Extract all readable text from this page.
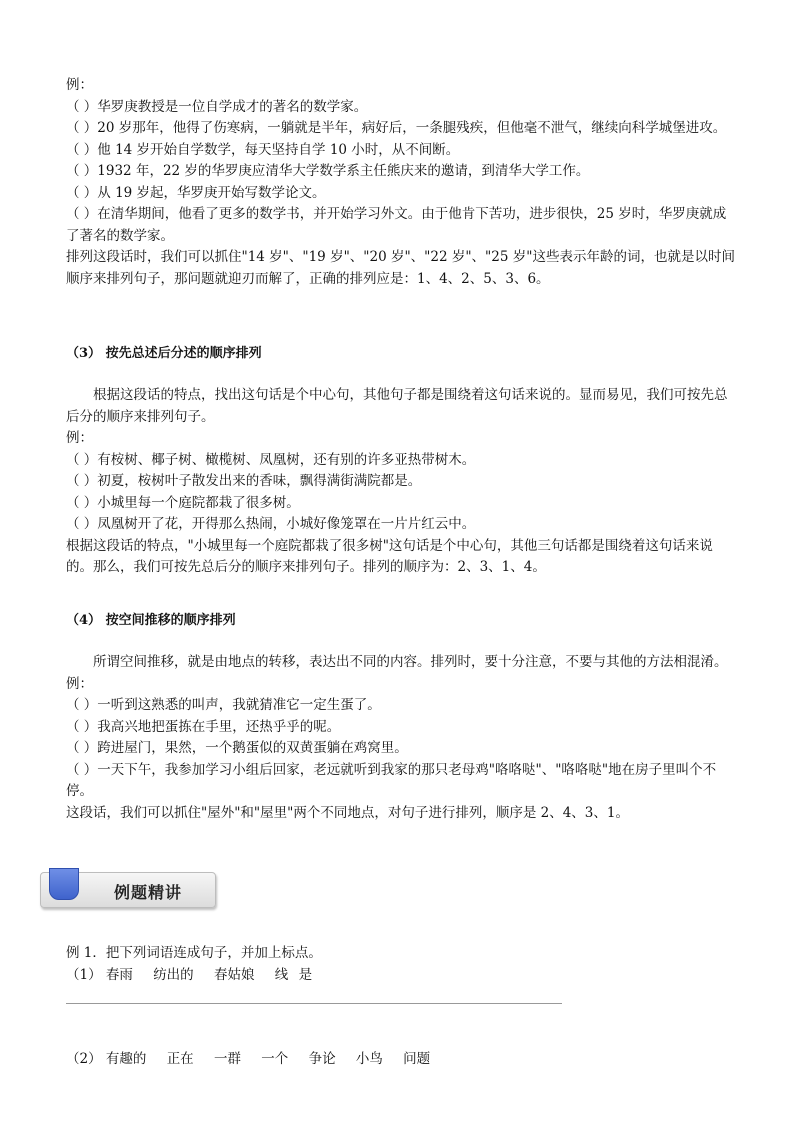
例：
（ ）华罗庚教授是一位自学成才的著名的数学家。
（ ）20 岁那年，他得了伤寒病，一躺就是半年，病好后，一条腿残疾，但他毫不泄气，继续向科学城堡进攻。
（ ）他 14 岁开始自学数学，每天坚持自学 10 小时，从不间断。
（ ）1932 年，22 岁的华罗庚应清华大学数学系主任熊庆来的邀请，到清华大学工作。
（ ）从 19 岁起，华罗庚开始写数学论文。
（ ）在清华期间，他看了更多的数学书，并开始学习外文。由于他肯下苦功，进步很快，25 岁时，华罗庚就成了著名的数学家。
排列这段话时，我们可以抓住"14 岁"、"19 岁"、"20 岁"、"22 岁"、"25 岁"这些表示年龄的词，也就是以时间顺序来排列句子，那问题就迎刃而解了，正确的排列应是：1、4、2、5、3、6。
（3） 按先总述后分述的顺序排列
根据这段话的特点，找出这句话是个中心句，其他句子都是围绕着这句话来说的。显而易见，我们可按先总后分的顺序来排列句子。
例：
（ ）有桉树、椰子树、橄榄树、凤凰树，还有别的许多亚热带树木。
（ ）初夏，桉树叶子散发出来的香味，飘得满街满院都是。
（ ）小城里每一个庭院都栽了很多树。
（ ）凤凰树开了花，开得那么热闹，小城好像笼罩在一片片红云中。
根据这段话的特点，"小城里每一个庭院都栽了很多树"这句话是个中心句，其他三句话都是围绕着这句话来说的。那么，我们可按先总后分的顺序来排列句子。排列的顺序为：2、3、1、4。
（4） 按空间推移的顺序排列
所谓空间推移，就是由地点的转移，表达出不同的内容。排列时，要十分注意，不要与其他的方法相混淆。
例：
（ ）一听到这熟悉的叫声，我就猜准它一定生蛋了。
（ ）我高兴地把蛋拣在手里，还热乎乎的呢。
（ ）跨进屋门，果然，一个鹅蛋似的双黄蛋躺在鸡窝里。
（ ）一天下午，我参加学习小组后回家，老远就听到我家的那只老母鸡"咯咯哒"、"咯咯哒"地在房子里叫个不停。
这段话，我们可以抓住"屋外"和"屋里"两个不同地点，对句子进行排列，顺序是 2、4、3、1。
例题精讲
例 1．把下列词语连成句子，并加上标点。
（1） 春雨 纺出的 春姑娘 线 是
（2） 有趣的 正在 一群 一个 争论 小鸟 问题
